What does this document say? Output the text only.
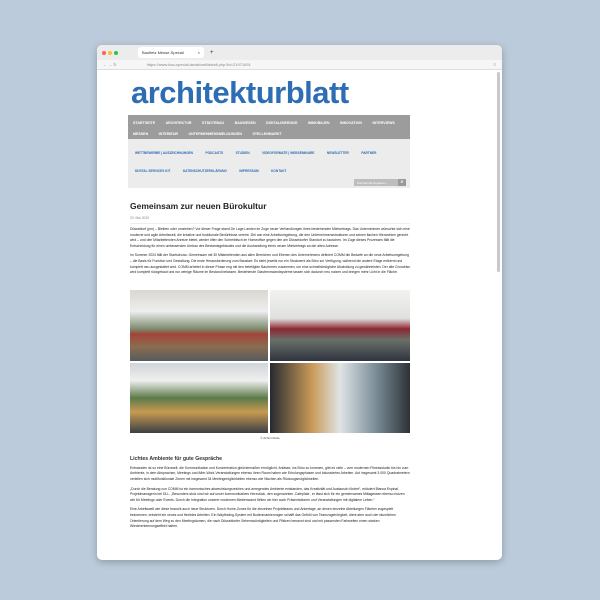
Baufietz Messe-Special	× +
←
→
↻	https://www.bau-special.de/aktuell/detail.php?id=21971691	≡
architekturblatt
STARTSEITE	ARCHITEKTUR	STÄDTEBAU	BAUWESEN	DIGITALISIERUNG	IMMOBILIEN	INNOVATION	INTERVIEWS MESSEN	INTERIEUR	UNTERNEHMENSMELDUNGEN	STELLENMARKT
WETTBEWERBE | AUSZEICHNUNGEN	PODCASTS	STUDIEN	VIDEOFORMATE | WEBSEMINARE	NEWSLETTER	PARTNER DIGITAL SERVICES KIT	DATENSCHUTZERKLÄRUNG	IMPRESSUM	KONTAKT
Suchbegriff eingeben...	⌕
Gemeinsam zur neuen Bürokultur
20. Mai 2025

Düsseldorf (pm) – Bleiben oder umziehen? Vor dieser Frage stand De Lage Landen im Zuge neuer Verhandlungen ihres bestehenden Mietvertrags. Das Unternehmen wünschte sich eine moderne und agile Arbeitswelt, die kreative und funktionale Bedürfnisse vereint. Ziel war eine Arbeitsumgebung, die den Unternehmensstrukturen und seinen flachen Hierarchien gerecht wird – und den Mitarbeitenden Anreize bietet, wieder öfter den Schreibtisch im Homeoffice gegen den am Düsseldorfer Standort zu tauschen. Im Zuge dieses Prozesses fällt die Entscheidung für einen umfassenden Umbau des Bestandsgebäudes und die Aushandlung eines neuen Mietvertrags an der alten Adresse.

Im Sommer 2024 fällt der Startschuss: Gemeinsam mit 30 Mitarbeitenden aus allen Bereichen und Ebenen des Unternehmens definiert COMM die Bedarfe an die neue Arbeitsumgebung – die Basis für Funktion und Gestaltung. Die erste Herausforderung zum Baustart: Es steht jeweils nur ein Stockwerk als Büro zur Verfügung, während die andere Etage entkernt und komplett neu ausgestattet wird. COMM arbeitet in dieser Phase eng mit den beteiligten Bauherren zusammen, um eine schnellstmögliche Abwicklung zu gewährleisten. Der alte Grundriss wird komplett rückgebaut und nur wenige Räume im Bestand belassen. Bestehende Glastrennwandsysteme lassen sich dadurch neu nutzen und bringen mehr Licht in die Fläche.

© Achim Rode
Lichtes Ambiente für gute Gespräche

Entstanden ist so eine Bürowelt, die Kommunikation und Konzentration gleichermaßen ermöglicht. Anlässe, ins Büro zu kommen, gibt es viele – vom modernen Fitnessstudio bis hin zum Ambiente, in dem Absprachen, Meetings und After-Work-Veranstaltungen ebenso ihren Raum haben wie Erholungsphasen und fokussiertes Arbeiten. Auf insgesamt 3.000 Quadratmetern verteilen sich multifunktionale Zonen mit insgesamt 34 Meetingmöglichkeiten ebenso wie Nischen als Rückzugsmöglichkeiten.

„Durch die Beratung von COMM ist ein harmonisches abwechslungsreiches und anregendes Ambiente entstanden, das Kreativität und Austausch fördert“, erläutert Bianca Espinal, Projektmanagerin bei DLL. „Besonders stolz sind wir auf unser kommunikatives Herzstück, den sogenannten ‚Cafeplatz‘, er lässt sich für ein gemeinsames Mittagessen ebenso nutzen wie für Meetings oder Events. Durch die Integration unserer modernen Medienwand fühlen wir hier auch Präsentationen und Veranstaltungen mit digitalem Leben.“

Eine Arbeitswelt wie diese braucht auch neue Strukturen. Durch Home-Zones für die einzelnen Projektteams und Ankertage, an denen einzelne Abteilungen Flächen zugespielt bekommen, entsteht ein neues und flexibles Arbeiten. Ein Wayfinding-System mit Bodenmarkierungen schafft das Gefühl von Teamzugehörigkeit, dient aber auch der räumlichen Orientierung auf dem Weg zu den Meetingräumen, die nach Düsseldorfer Sehenswürdigkeiten und Plätzen benannt sind und mit passenden Farbwelten einen starken Wiedererkennungseffekt haben.
